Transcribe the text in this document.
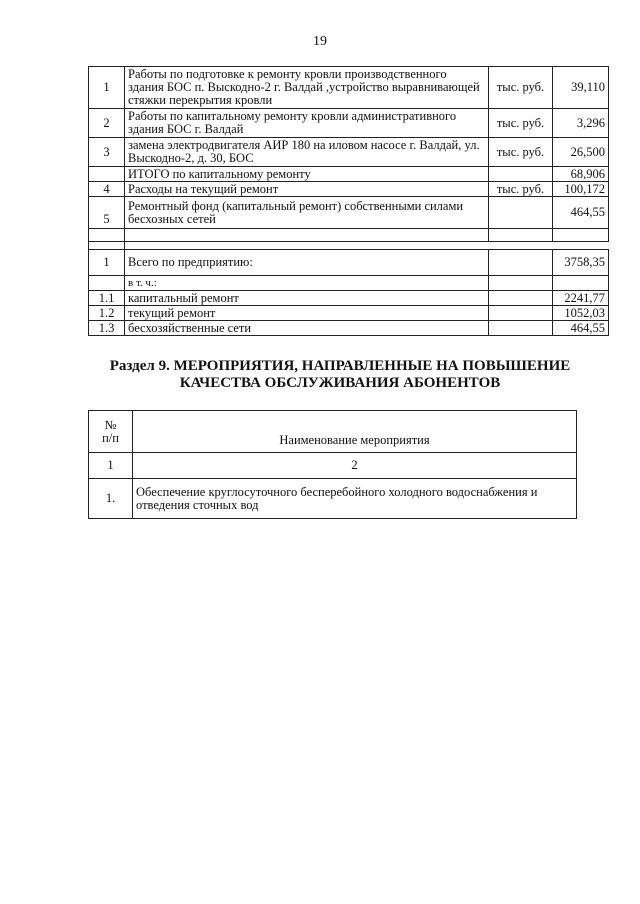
19
1	Работы по подготовке к ремонту кровли производственного здания БОС п. Выскодно-2 г. Валдай ,устройство выравнивающей стяжки перекрытия кровли	тыс. руб.	39,110
2	Работы по капитальному ремонту кровли административного здания БОС г. Валдай	тыс. руб.	3,296
3	замена электродвигателя АИР 180 на иловом насосе г. Валдай, ул. Выскодно-2, д. 30, БОС	тыс. руб.	26,500
	ИТОГО по капитальному ремонту		68,906
4	Расходы на текущий ремонт	тыс. руб.	100,172
5	Ремонтный фонд (капитальный ремонт) собственными силами бесхозных сетей		464,55

1	Всего по предприятию:		3758,35
	в т. ч.:		
1.1	капитальный ремонт		2241,77
1.2	текущий ремонт		1052,03
1.3	бесхозяйственные сети		464,55
Раздел 9. МЕРОПРИЯТИЯ, НАПРАВЛЕННЫЕ НА ПОВЫШЕНИЕ
КАЧЕСТВА ОБСЛУЖИВАНИЯ АБОНЕНТОВ
№
п/п	Наименование мероприятия
1	2
1.	Обеспечение круглосуточного бесперебойного холодного водоснабжения и отведения сточных вод
